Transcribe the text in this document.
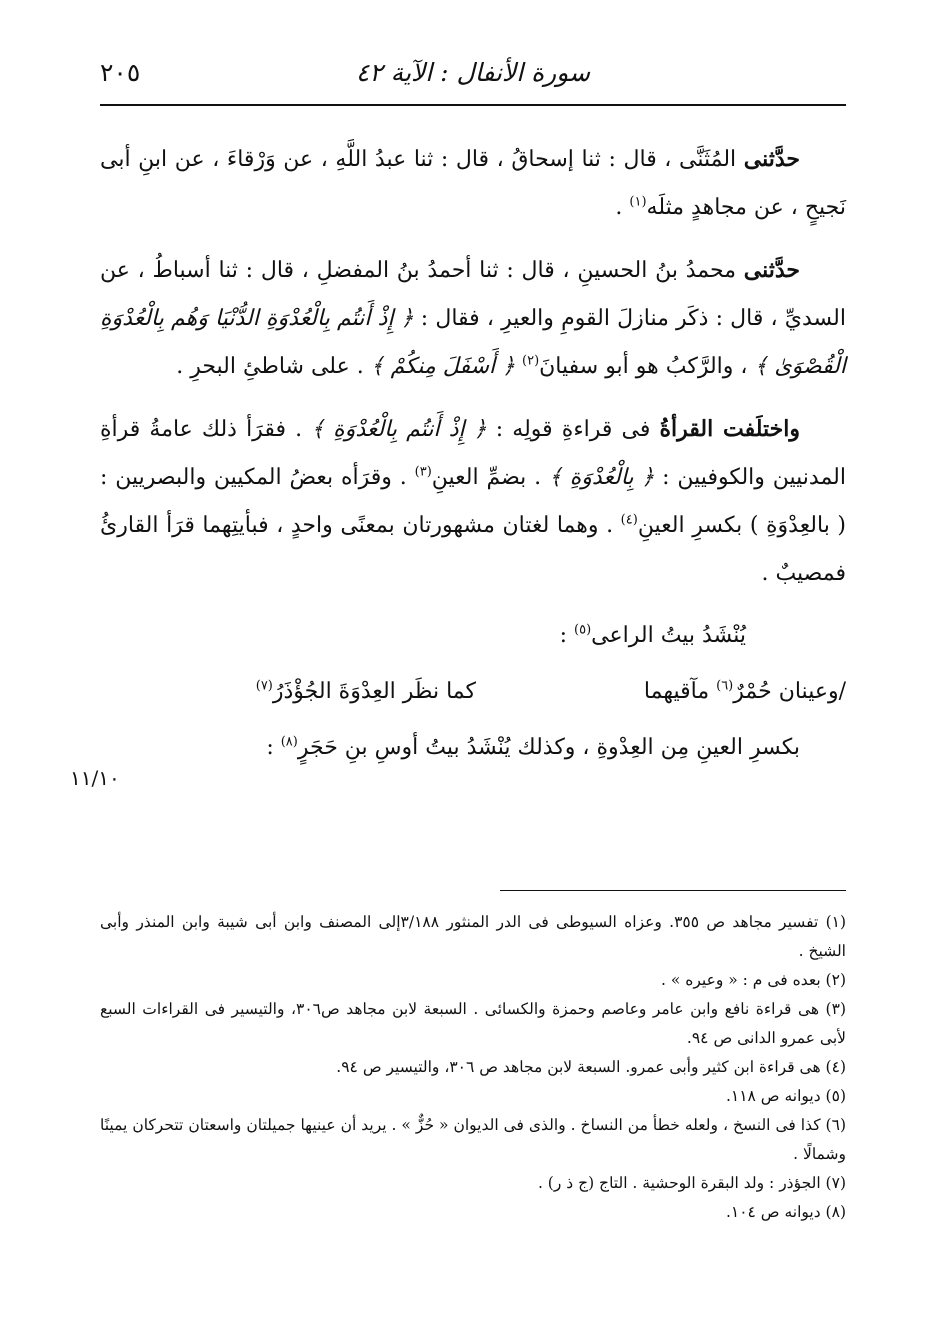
سورة الأنفال : الآية ٤٢
٢٠٥

حدَّثنى المُثَنَّى ، قال : ثنا إسحاقُ ، قال : ثنا عبدُ اللَّهِ ، عن وَرْقاءَ ، عن ابنِ أبى نَجيحٍ ، عن مجاهدٍ مثلَه$^{(١)}$ .

حدَّثنى محمدُ بنُ الحسينِ ، قال : ثنا أحمدُ بنُ المفضلِ ، قال : ثنا أسباطُ ، عن السديِّ ، قال : ذكَر منازلَ القومِ والعيرِ ، فقال : ﴿ إِذْ أَنتُم بِالْعُدْوَةِ الدُّنْيَا وَهُم بِالْعُدْوَةِ الْقُصْوَىٰ ﴾ ، والرَّكبُ هو أبو سفيانَ$^{(٢)}$ ﴿ أَسْفَلَ مِنكُمْ ﴾ . على شاطئِ البحرِ .

واختلَفت القرأةُ فى قراءةِ قولِه : ﴿ إِذْ أَنتُم بِالْعُدْوَةِ ﴾ . فقرَأ ذلك عامةُ قرأةِ المدنيين والكوفيين : ﴿ بِالْعُدْوَةِ ﴾ . بضمِّ العينِ$^{(٣)}$ . وقرَأه بعضُ المكيين والبصريين : ( بالعِدْوَةِ ) بكسرِ العينِ$^{(٤)}$ . وهما لغتان مشهورتان بمعنًى واحدٍ ، فبأيتِهما قرَأ القارئُ فمصيبٌ .

يُنْشَدُ بيتُ الراعى$^{(٥)}$ :

/وعينان حُمْرٌ$^{(٦)}$ مآقيهما
كما نظَر العِدْوَةَ الجُؤْذَرُ$^{(٧)}$

بكسرِ العينِ مِن العِدْوةِ ، وكذلك يُنْشَدُ بيتُ أوسِ بنِ حَجَرٍ$^{(٨)}$ :

١١/١٠

(١) تفسير مجاهد ص ٣٥٥. وعزاه السيوطى فى الدر المنثور ٣/١٨٨إلى المصنف وابن أبى شيبة وابن المنذر وأبى الشيخ .

(٢) بعده فى م : « وعيره » .

(٣) هى قراءة نافع وابن عامر وعاصم وحمزة والكسائى . السبعة لابن مجاهد ص٣٠٦، والتيسير فى القراءات السبع لأبى عمرو الدانى ص ٩٤.

(٤) هى قراءة ابن كثير وأبى عمرو. السبعة لابن مجاهد ص ٣٠٦، والتيسير ص ٩٤.

(٥) ديوانه ص ١١٨.

(٦) كذا فى النسخ ، ولعله خطأ من النساخ . والذى فى الديوان « حُزٌّ » . يريد أن عينيها جميلتان واسعتان تتحركان يمينًا وشمالًا .

(٧) الجؤذر : ولد البقرة الوحشية . التاج (ج ذ ر) .

(٨) ديوانه ص ١٠٤.
